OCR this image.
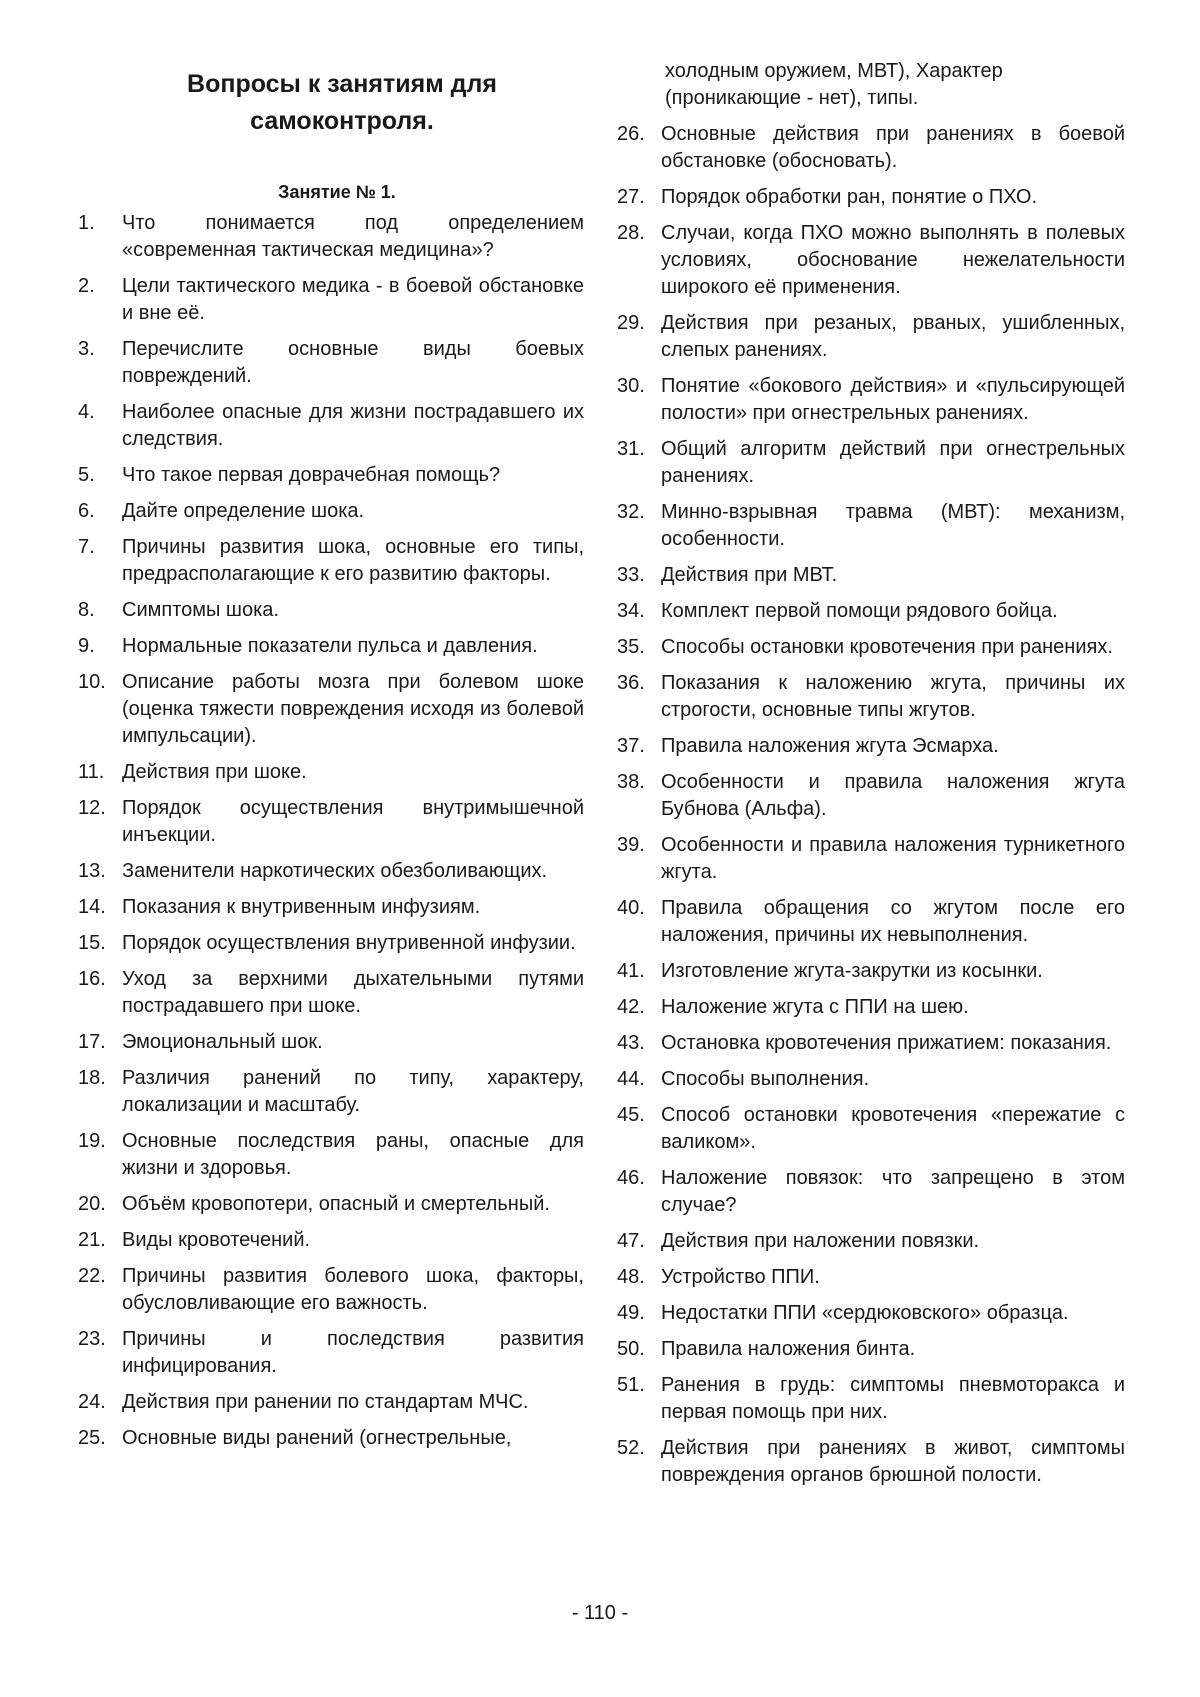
Вопросы к занятиям для
самоконтроля.
Занятие № 1.
1.	Что понимается под определением «современная тактическая медицина»?
2.	Цели тактического медика - в боевой обстановке и вне её.
3.	Перечислите основные виды боевых повреждений.
4.	Наиболее опасные для жизни пострадавшего их следствия.
5.	Что такое первая доврачебная помощь?
6.	Дайте определение шока.
7.	Причины развития шока, основные его типы, предрасполагающие к его развитию факторы.
8.	Симптомы шока.
9.	Нормальные показатели пульса и давления.
10. Описание работы мозга при болевом шоке (оценка тяжести повреждения исходя из болевой импульсации).
11. Действия при шоке.
12. Порядок осуществления внутримышечной инъекции.
13. Заменители наркотических обезболивающих.
14. Показания к внутривенным инфузиям.
15. Порядок осуществления внутривенной инфузии.
16. Уход за верхними дыхательными путями пострадавшего при шоке.
17. Эмоциональный шок.
18. Различия ранений по типу, характеру, локализации и масштабу.
19. Основные последствия раны, опасные для жизни и здоровья.
20. Объём кровопотери, опасный и смертельный.
21. Виды кровотечений.
22. Причины развития болевого шока, факторы, обусловливающие его важность.
23. Причины и последствия развития инфицирования.
24. Действия при ранении по стандартам МЧС.
25. Основные виды ранений (огнестрельные,
холодным оружием, МВТ), Характер (проникающие - нет), типы.
26. Основные действия при ранениях в боевой обстановке (обосновать).
27. Порядок обработки ран, понятие о ПХО.
28. Случаи, когда ПХО можно выполнять в полевых условиях, обоснование нежелательности широкого её применения.
29. Действия при резаных, рваных, ушибленных, слепых ранениях.
30. Понятие «бокового действия» и «пульсирующей полости» при огнестрельных ранениях.
31. Общий алгоритм действий при огнестрельных ранениях.
32. Минно-взрывная травма (МВТ): механизм, особенности.
33. Действия при МВТ.
34. Комплект первой помощи рядового бойца.
35. Способы остановки кровотечения при ранениях.
36. Показания к наложению жгута, причины их строгости, основные типы жгутов.
37. Правила наложения жгута Эсмарха.
38. Особенности и правила наложения жгута Бубнова (Альфа).
39. Особенности и правила наложения турникетного жгута.
40. Правила обращения со жгутом после его наложения, причины их невыполнения.
41. Изготовление жгута-закрутки из косынки.
42. Наложение жгута с ППИ на шею.
43. Остановка кровотечения прижатием: показания.
44. Способы выполнения.
45. Способ остановки кровотечения «пережатие с валиком».
46. Наложение повязок: что запрещено в этом случае?
47. Действия при наложении повязки.
48. Устройство ППИ.
49. Недостатки ППИ «сердюковского» образца.
50. Правила наложения бинта.
51. Ранения в грудь: симптомы пневмоторакса и первая помощь при них.
52. Действия при ранениях в живот, симптомы повреждения органов брюшной полости.
- 110 -
